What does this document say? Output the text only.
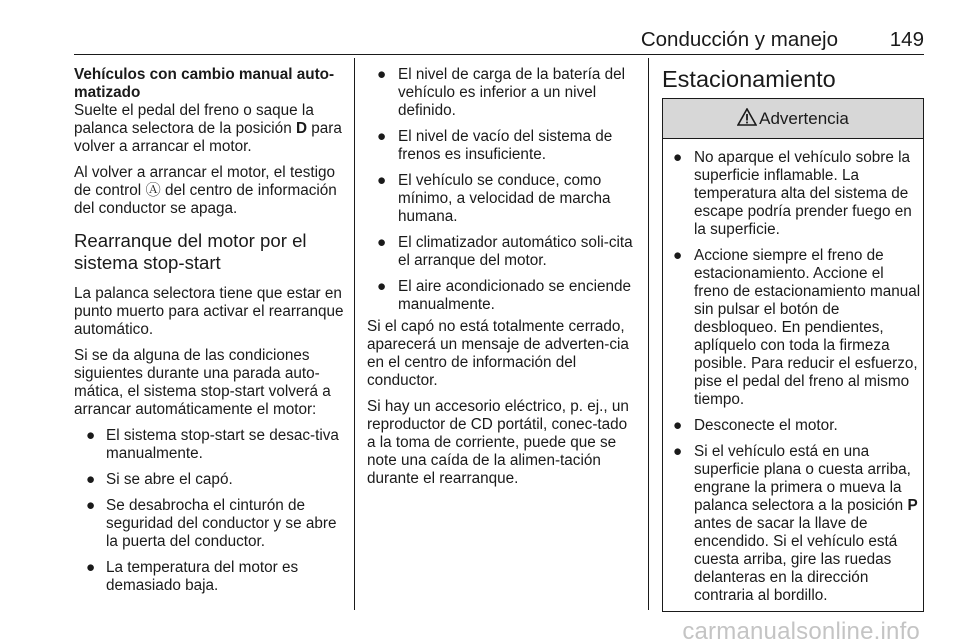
Conducción y manejo	149
Vehículos con cambio manual auto-matizado
Suelte el pedal del freno o saque la palanca selectora de la posición D para volver a arrancar el motor.
Al volver a arrancar el motor, el testigo de control Ⓐ del centro de información del conductor se apaga.
Rearranque del motor por el sistema stop-start
La palanca selectora tiene que estar en punto muerto para activar el rearranque automático.
Si se da alguna de las condiciones siguientes durante una parada auto-mática, el sistema stop-start volverá a arrancar automáticamente el motor:
● El sistema stop-start se desac-tiva manualmente.
● Si se abre el capó.
● Se desabrocha el cinturón de seguridad del conductor y se abre la puerta del conductor.
● La temperatura del motor es demasiado baja.
● El nivel de carga de la batería del vehículo es inferior a un nivel definido.
● El nivel de vacío del sistema de frenos es insuficiente.
● El vehículo se conduce, como mínimo, a velocidad de marcha humana.
● El climatizador automático soli-cita el arranque del motor.
● El aire acondicionado se enciende manualmente.
Si el capó no está totalmente cerrado, aparecerá un mensaje de adverten-cia en el centro de información del conductor.
Si hay un accesorio eléctrico, p. ej., un reproductor de CD portátil, conec-tado a la toma de corriente, puede que se note una caída de la alimen-tación durante el rearranque.
Estacionamiento
Advertencia
● No aparque el vehículo sobre la superficie inflamable. La temperatura alta del sistema de escape podría prender fuego en la superficie.
● Accione siempre el freno de estacionamiento. Accione el freno de estacionamiento manual sin pulsar el botón de desbloqueo. En pendientes, aplíquelo con toda la firmeza posible. Para reducir el esfuerzo, pise el pedal del freno al mismo tiempo.
● Desconecte el motor.
● Si el vehículo está en una superficie plana o cuesta arriba, engrane la primera o mueva la palanca selectora a la posición P antes de sacar la llave de encendido. Si el vehículo está cuesta arriba, gire las ruedas delanteras en la dirección contraria al bordillo.
carmanualsonline.info
